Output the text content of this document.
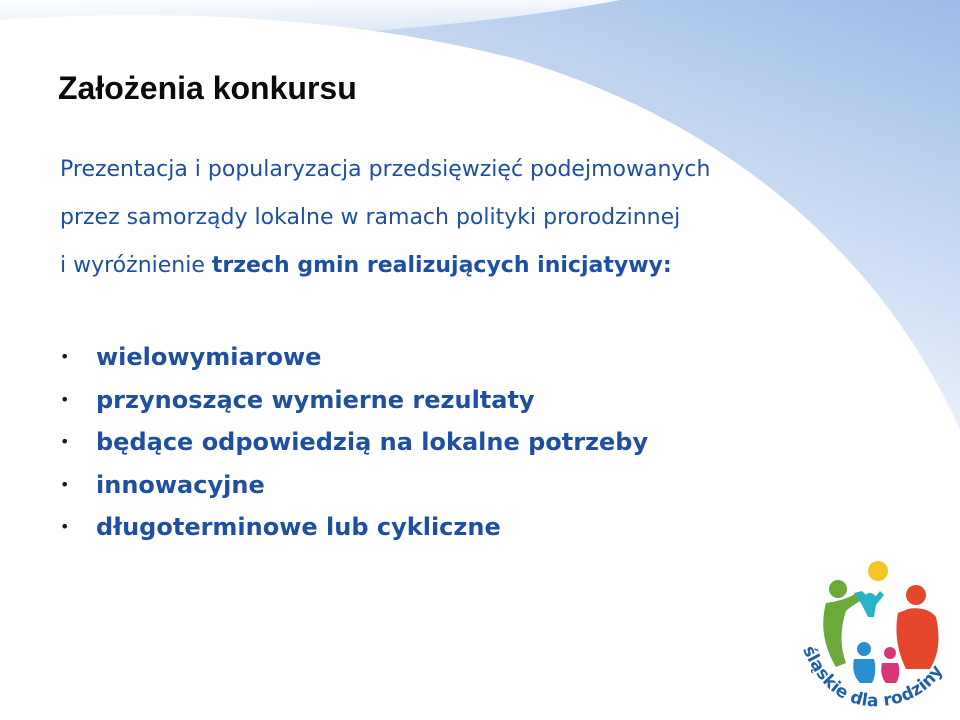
Założenia konkursu

Prezentacja i popularyzacja przedsięwzięć podejmowanych
przez samorządy lokalne w ramach polityki prorodzinnej
i wyróżnienie trzech gmin realizujących inicjatywy:

• wielowymiarowe
• przynoszące wymierne rezultaty
• będące odpowiedzią na lokalne potrzeby
• innowacyjne
• długoterminowe lub cykliczne
śląskie dla rodziny
